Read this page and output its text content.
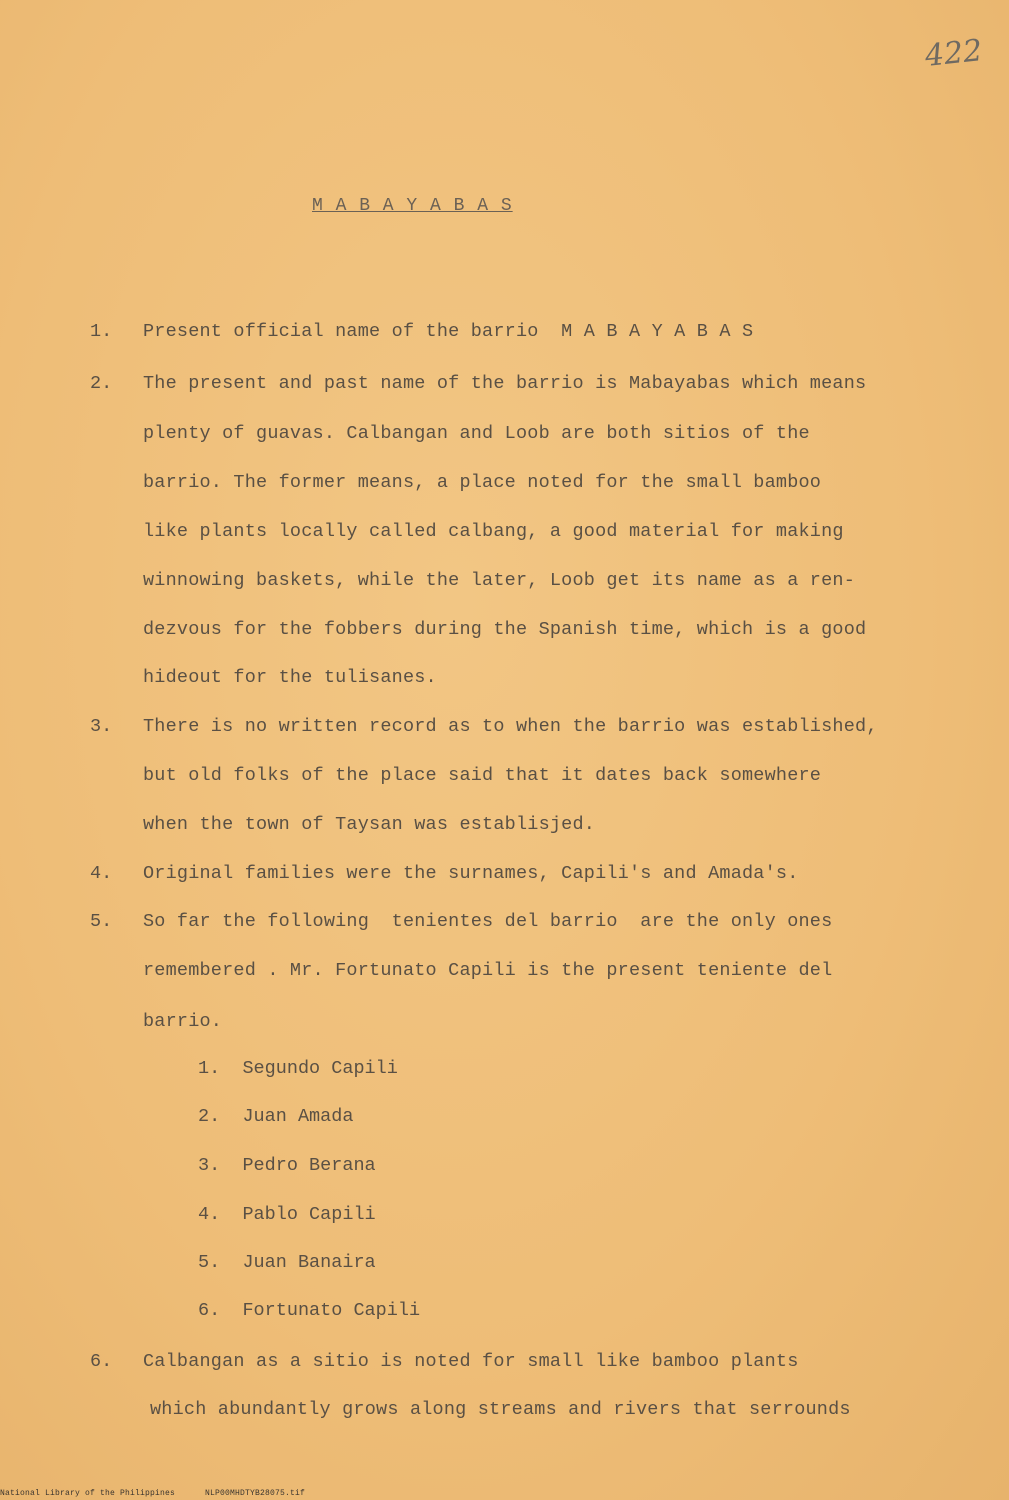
422
M A B A Y A B A S
1. Present official name of the barrio  M A B A Y A B A S
2. The present and past name of the barrio is Mabayabas which means
plenty of guavas. Calbangan and Loob are both sitios of the
barrio. The former means, a place noted for the small bamboo
like plants locally called calbang, a good material for making
winnowing baskets, while the later, Loob get its name as a ren-
dezvous for the fobbers during the Spanish time, which is a good
hideout for the tulisanes.
3. There is no written record as to when the barrio was established,
but old folks of the place said that it dates back somewhere
when the town of Taysan was establisjed.
4. Original families were the surnames, Capili's and Amada's.
5. So far the following  tenientes del barrio  are the only ones
remembered . Mr. Fortunato Capili is the present teniente del
barrio.
1. Segundo Capili
2. Juan Amada
3. Pedro Berana
4. Pablo Capili
5. Juan Banaira
6. Fortunato Capili
6. Calbangan as a sitio is noted for small like bamboo plants
which abundantly grows along streams and rivers that serrounds
National Library of the Philippines	NLP00MHDTYB28075.tif
